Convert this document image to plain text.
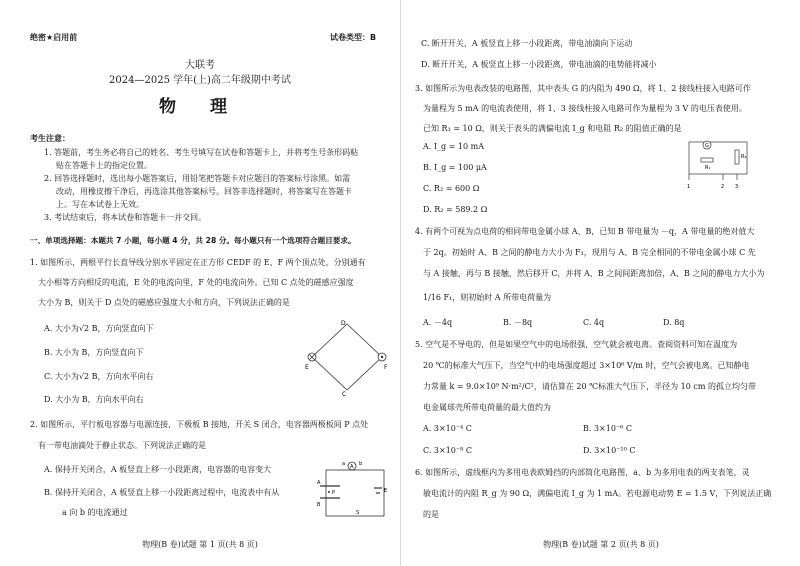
绝密★启用前	试卷类型：B
大联考
2024—2025 学年(上)高二年级期中考试
物 理
考生注意：
1. 答题前，考生务必将自己的姓名、考生号填写在试卷和答题卡上，并将考生号条形码粘
贴在答题卡上的指定位置。
2. 回答选择题时，选出每小题答案后，用铅笔把答题卡对应题目的答案标号涂黑。如需
改动，用橡皮擦干净后，再选涂其他答案标号。回答非选择题时，将答案写在答题卡
上。写在本试卷上无效。
3. 考试结束后，将本试卷和答题卡一并交回。
一、单项选择题：本题共 7 小题，每小题 4 分，共 28 分。每小题只有一个选项符合题目要求。
1. 如图所示，两根平行长直导线分别水平固定在正方形 CEDF 的 E、F 两个顶点处，分别通有
大小相等方向相反的电流，E 处的电流向里，F 处的电流向外。已知 C 点处的磁感应强度
大小为 B，则关于 D 点处的磁感应强度大小和方向，下列说法正确的是
A. 大小为√2 B，方向竖直向下
B. 大小为 B，方向竖直向下
C. 大小为√2 B，方向水平向右
D. 大小为 B，方向水平向右
D
E	F
C
2. 如图所示，平行板电容器与电源连接，下极板 B 接地，开关 S 闭合，电容器两极板间 P 点处
有一带电油滴处于静止状态。下列说法正确的是
A. 保持开关闭合，A 板竖直上移一小段距离，电容器的电容变大
B. 保持开关闭合，A 板竖直上移一小段距离过程中，电流表中有从
a 向 b 的电流通过
A
a	b
A
P
B
S
E
物理(B 卷)试题 第 1 页(共 8 页)
C. 断开开关，A 板竖直上移一小段距离，带电油滴向下运动
D. 断开开关，A 板竖直上移一小段距离，带电油滴的电势能将减小
3. 如图所示为电表改装的电路图，其中表头 G 的内阻为 490 Ω，将 1、2 接线柱接入电路可作
为量程为 5 mA 的电流表使用，将 1、3 接线柱接入电路可作为量程为 3 V 的电压表使用。
已知 R₁ = 10 Ω，则关于表头的满偏电流 I_g 和电阻 R₂ 的阻值正确的是
A. I_g = 10 mA
B. I_g = 100 μA
C. R₂ = 600 Ω
D. R₂ = 589.2 Ω
G
R₁
R₂
1	2 3
4. 有两个可视为点电荷的相同带电金属小球 A、B，已知 B 带电量为 －q，A 带电量的绝对值大
于 2q。初始时 A、B 之间的静电力大小为 F₁，现用与 A、B 完全相同的不带电金属小球 C 先
与 A 接触，再与 B 接触，然后移开 C，并将 A、B 之间间距离加倍，A、B 之间的静电力大小为
1/16 F₁，则初始时 A 所带电荷量为
A. －4q	B. －8q	C. 4q	D. 8q
5. 空气是不导电的，但是如果空气中的电场很强，空气就会被电离。查阅资料可知在温度为
20 ℃的标准大气压下，当空气中的电场强度超过 3×10⁶ V/m 时，空气会被电离。已知静电
力常量 k = 9.0×10⁹ N·m²/C²，请估算在 20 ℃标准大气压下，半径为 10 cm 的孤立均匀带
电金属球壳所带电荷量的最大值约为
A. 3×10⁻⁴ C	B. 3×10⁻⁶ C
C. 3×10⁻⁸ C	D. 3×10⁻¹⁰ C
6. 如图所示，虚线框内为多用电表欧姆挡的内部简化电路图，a、b 为多用电表的两支表笔，灵
敏电流计的内阻 R_g 为 90 Ω，满偏电流 I_g 为 1 mA。若电源电动势 E = 1.5 V，下列说法正确
的是
物理(B 卷)试题 第 2 页(共 8 页)
